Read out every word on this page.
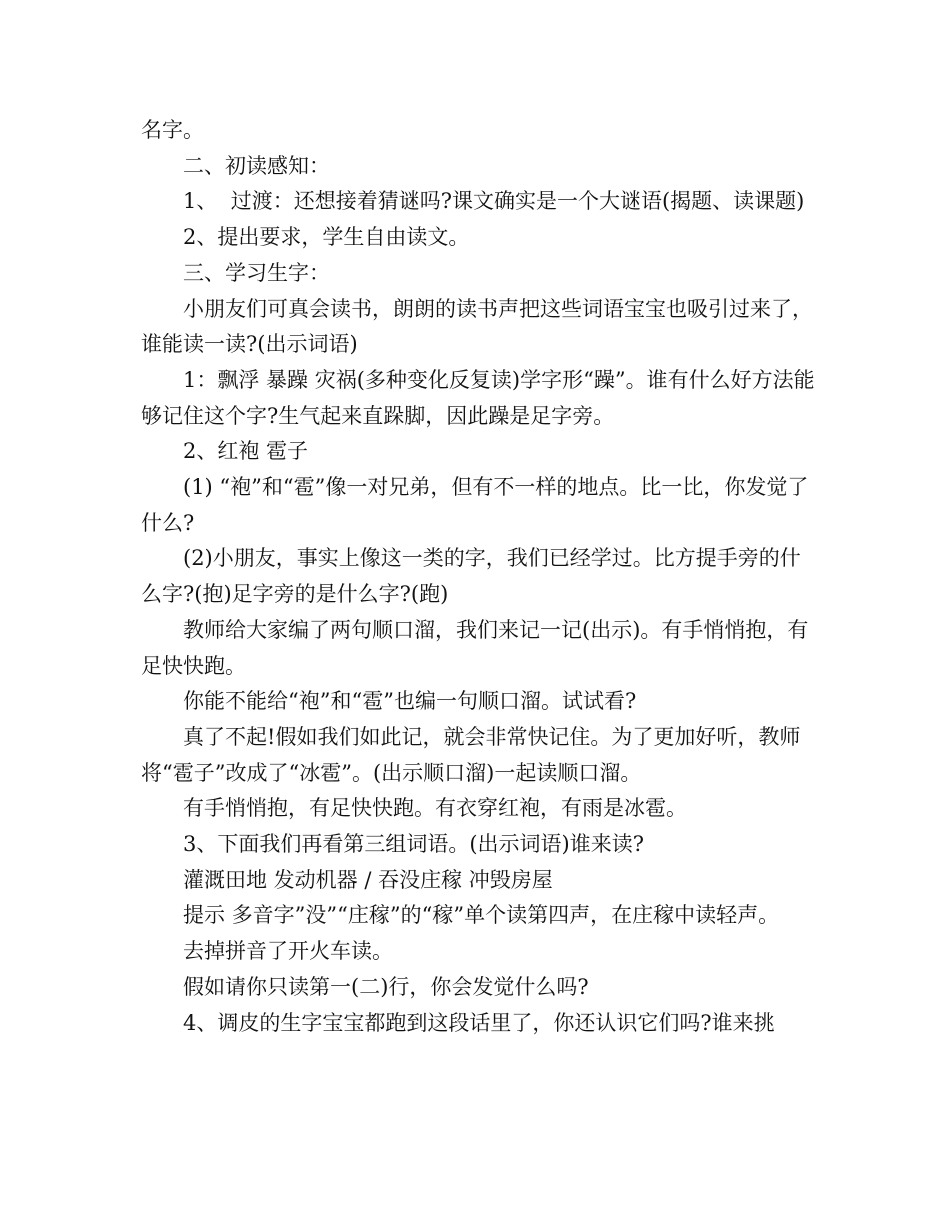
名字。

二、初读感知：

1、  过渡：还想接着猜谜吗?课文确实是一个大谜语(揭题、读课题)

2、提出要求，学生自由读文。

三、学习生字：

小朋友们可真会读书，朗朗的读书声把这些词语宝宝也吸引过来了，谁能读一读?(出示词语)

1：飘浮 暴躁 灾祸(多种变化反复读)学字形“躁”。谁有什么好方法能够记住这个字?生气起来直跺脚，因此躁是足字旁。

2、红袍 雹子

(1) “袍”和“雹”像一对兄弟，但有不一样的地点。比一比，你发觉了什么?

(2)小朋友，事实上像这一类的字，我们已经学过。比方提手旁的什么字?(抱)足字旁的是什么字?(跑)

教师给大家编了两句顺口溜，我们来记一记(出示)。有手悄悄抱，有足快快跑。

你能不能给“袍”和“雹”也编一句顺口溜。试试看?

真了不起!假如我们如此记，就会非常快记住。为了更加好听，教师将“雹子”改成了“冰雹”。(出示顺口溜)一起读顺口溜。

有手悄悄抱，有足快快跑。有衣穿红袍，有雨是冰雹。

3、下面我们再看第三组词语。(出示词语)谁来读?

灌溉田地 发动机器 / 吞没庄稼 冲毁房屋

提示 多音字”没”“庄稼”的“稼”单个读第四声，在庄稼中读轻声。

去掉拼音了开火车读。

假如请你只读第一(二)行，你会发觉什么吗?

4、调皮的生字宝宝都跑到这段话里了，你还认识它们吗?谁来挑
